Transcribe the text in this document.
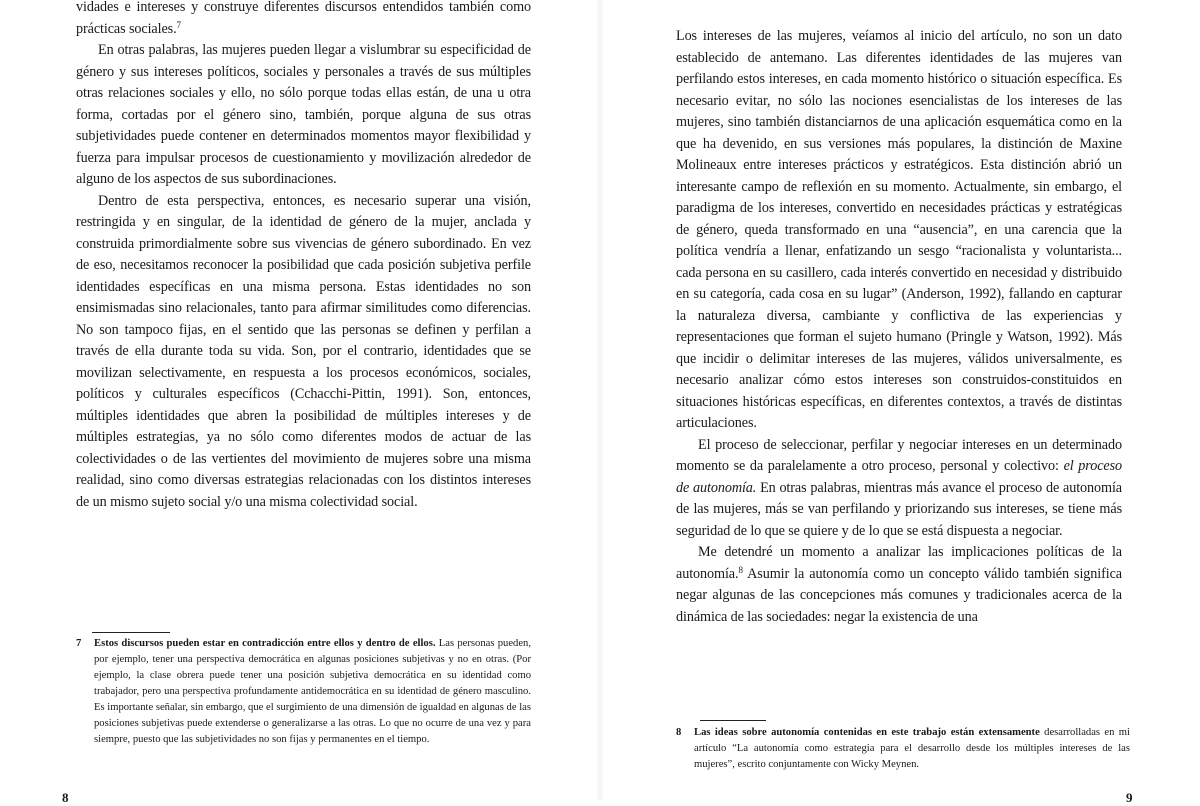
vidades e intereses y construye diferentes discursos entendidos también como prácticas sociales.$^7$

En otras palabras, las mujeres pueden llegar a vislumbrar su especificidad de género y sus intereses políticos, sociales y personales a través de sus múltiples otras relaciones sociales y ello, no sólo porque todas ellas están, de una u otra forma, cortadas por el género sino, también, porque alguna de sus otras subjetividades puede contener en determinados momentos mayor flexibilidad y fuerza para impulsar procesos de cuestionamiento y movilización alrededor de alguno de los aspectos de sus subordinaciones.

Dentro de esta perspectiva, entonces, es necesario superar una visión, restringida y en singular, de la identidad de género de la mujer, anclada y construida primordialmente sobre sus vivencias de género subordinado. En vez de eso, necesitamos reconocer la posibilidad que cada posición subjetiva perfile identidades específicas en una misma persona. Estas identidades no son ensimismadas sino relacionales, tanto para afirmar similitudes como diferencias. No son tampoco fijas, en el sentido que las personas se definen y perfilan a través de ella durante toda su vida. Son, por el contrario, identidades que se movilizan selectivamente, en respuesta a los procesos económicos, sociales, políticos y culturales específicos (Cchacchi-Pittin, 1991). Son, entonces, múltiples identidades que abren la posibilidad de múltiples intereses y de múltiples estrategias, ya no sólo como diferentes modos de actuar de las colectividades o de las vertientes del movimiento de mujeres sobre una misma realidad, sino como diversas estrategias relacionadas con los distintos intereses de un mismo sujeto social y/o una misma colectividad social.

7 Estos discursos pueden estar en contradicción entre ellos y dentro de ellos. Las personas pueden, por ejemplo, tener una perspectiva democrática en algunas posiciones subjetivas y no en otras. (Por ejemplo, la clase obrera puede tener una posición subjetiva democrática en su identidad como trabajador, pero una perspectiva profundamente antidemocrática en su identidad de género masculino. Es importante señalar, sin embargo, que el surgimiento de una dimensión de igualdad en algunas de las posiciones subjetivas puede extenderse o generalizarse a las otras. Lo que no ocurre de una vez y para siempre, puesto que las subjetividades no son fijas y permanentes en el tiempo.
8

Los intereses de las mujeres, veíamos al inicio del artículo, no son un dato establecido de antemano. Las diferentes identidades de las mujeres van perfilando estos intereses, en cada momento histórico o situación específica. Es necesario evitar, no sólo las nociones esencialistas de los intereses de las mujeres, sino también distanciarnos de una aplicación esquemática como en la que ha devenido, en sus versiones más populares, la distinción de Maxine Molineaux entre intereses prácticos y estratégicos. Esta distinción abrió un interesante campo de reflexión en su momento. Actualmente, sin embargo, el paradigma de los intereses, convertido en necesidades prácticas y estratégicas de género, queda transformado en una “ausencia”, en una carencia que la política vendría a llenar, enfatizando un sesgo “racionalista y voluntarista... cada persona en su casillero, cada interés convertido en necesidad y distribuido en su categoría, cada cosa en su lugar” (Anderson, 1992), fallando en capturar la naturaleza diversa, cambiante y conflictiva de las experiencias y representaciones que forman el sujeto humano (Pringle y Watson, 1992). Más que incidir o delimitar intereses de las mujeres, válidos universalmente, es necesario analizar cómo estos intereses son construidos-constituidos en situaciones históricas específicas, en diferentes contextos, a través de distintas articulaciones.

El proceso de seleccionar, perfilar y negociar intereses en un determinado momento se da paralelamente a otro proceso, personal y colectivo: el proceso de autonomía. En otras palabras, mientras más avance el proceso de autonomía de las mujeres, más se van perfilando y priorizando sus intereses, se tiene más seguridad de lo que se quiere y de lo que se está dispuesta a negociar.

Me detendré un momento a analizar las implicaciones políticas de la autonomía.$^8$ Asumir la autonomía como un concepto válido también significa negar algunas de las concepciones más comunes y tradicionales acerca de la dinámica de las sociedades: negar la existencia de una

8 Las ideas sobre autonomía contenidas en este trabajo están extensamente desarrolladas en mi artículo “La autonomía como estrategia para el desarrollo desde los múltiples intereses de las mujeres”, escrito conjuntamente con Wicky Meynen.
9
